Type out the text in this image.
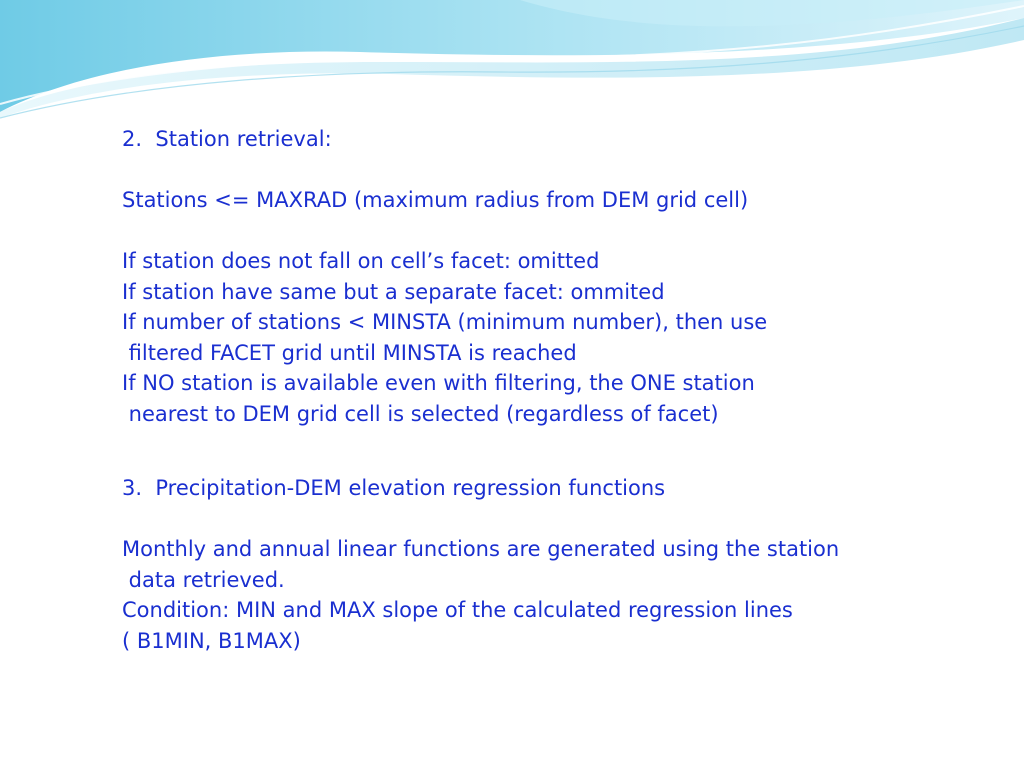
2.  Station retrieval:
Stations <= MAXRAD (maximum radius from DEM grid cell)
If station does not fall on cell’s facet: omitted
If station have same but a separate facet: ommited
If number of stations < MINSTA (minimum number), then use
filtered FACET grid until MINSTA is reached
If NO station is available even with filtering, the ONE station
nearest to DEM grid cell is selected (regardless of facet)
3.  Precipitation-DEM elevation regression functions
Monthly and annual linear functions are generated using the station
data retrieved.
Condition: MIN and MAX slope of the calculated regression lines
( B1MIN, B1MAX)
